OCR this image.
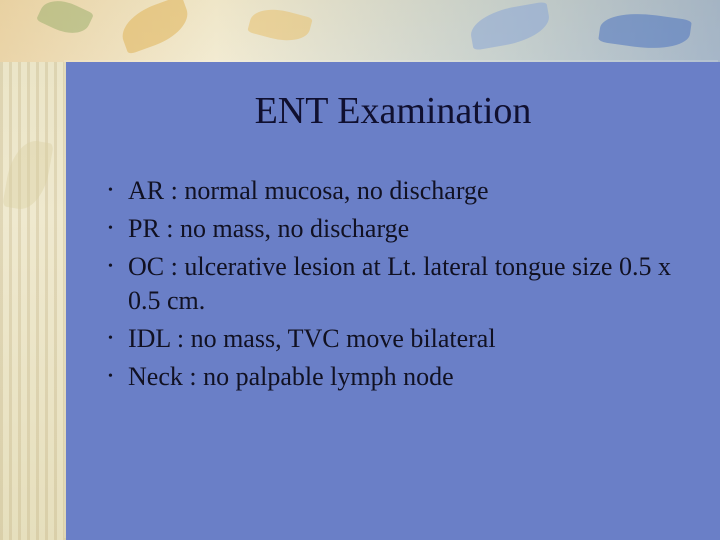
ENT Examination
• AR : normal mucosa, no discharge
• PR : no mass, no discharge
• OC : ulcerative lesion at Lt. lateral tongue size 0.5 x 0.5 cm.
• IDL : no mass, TVC move bilateral
• Neck : no palpable lymph node
